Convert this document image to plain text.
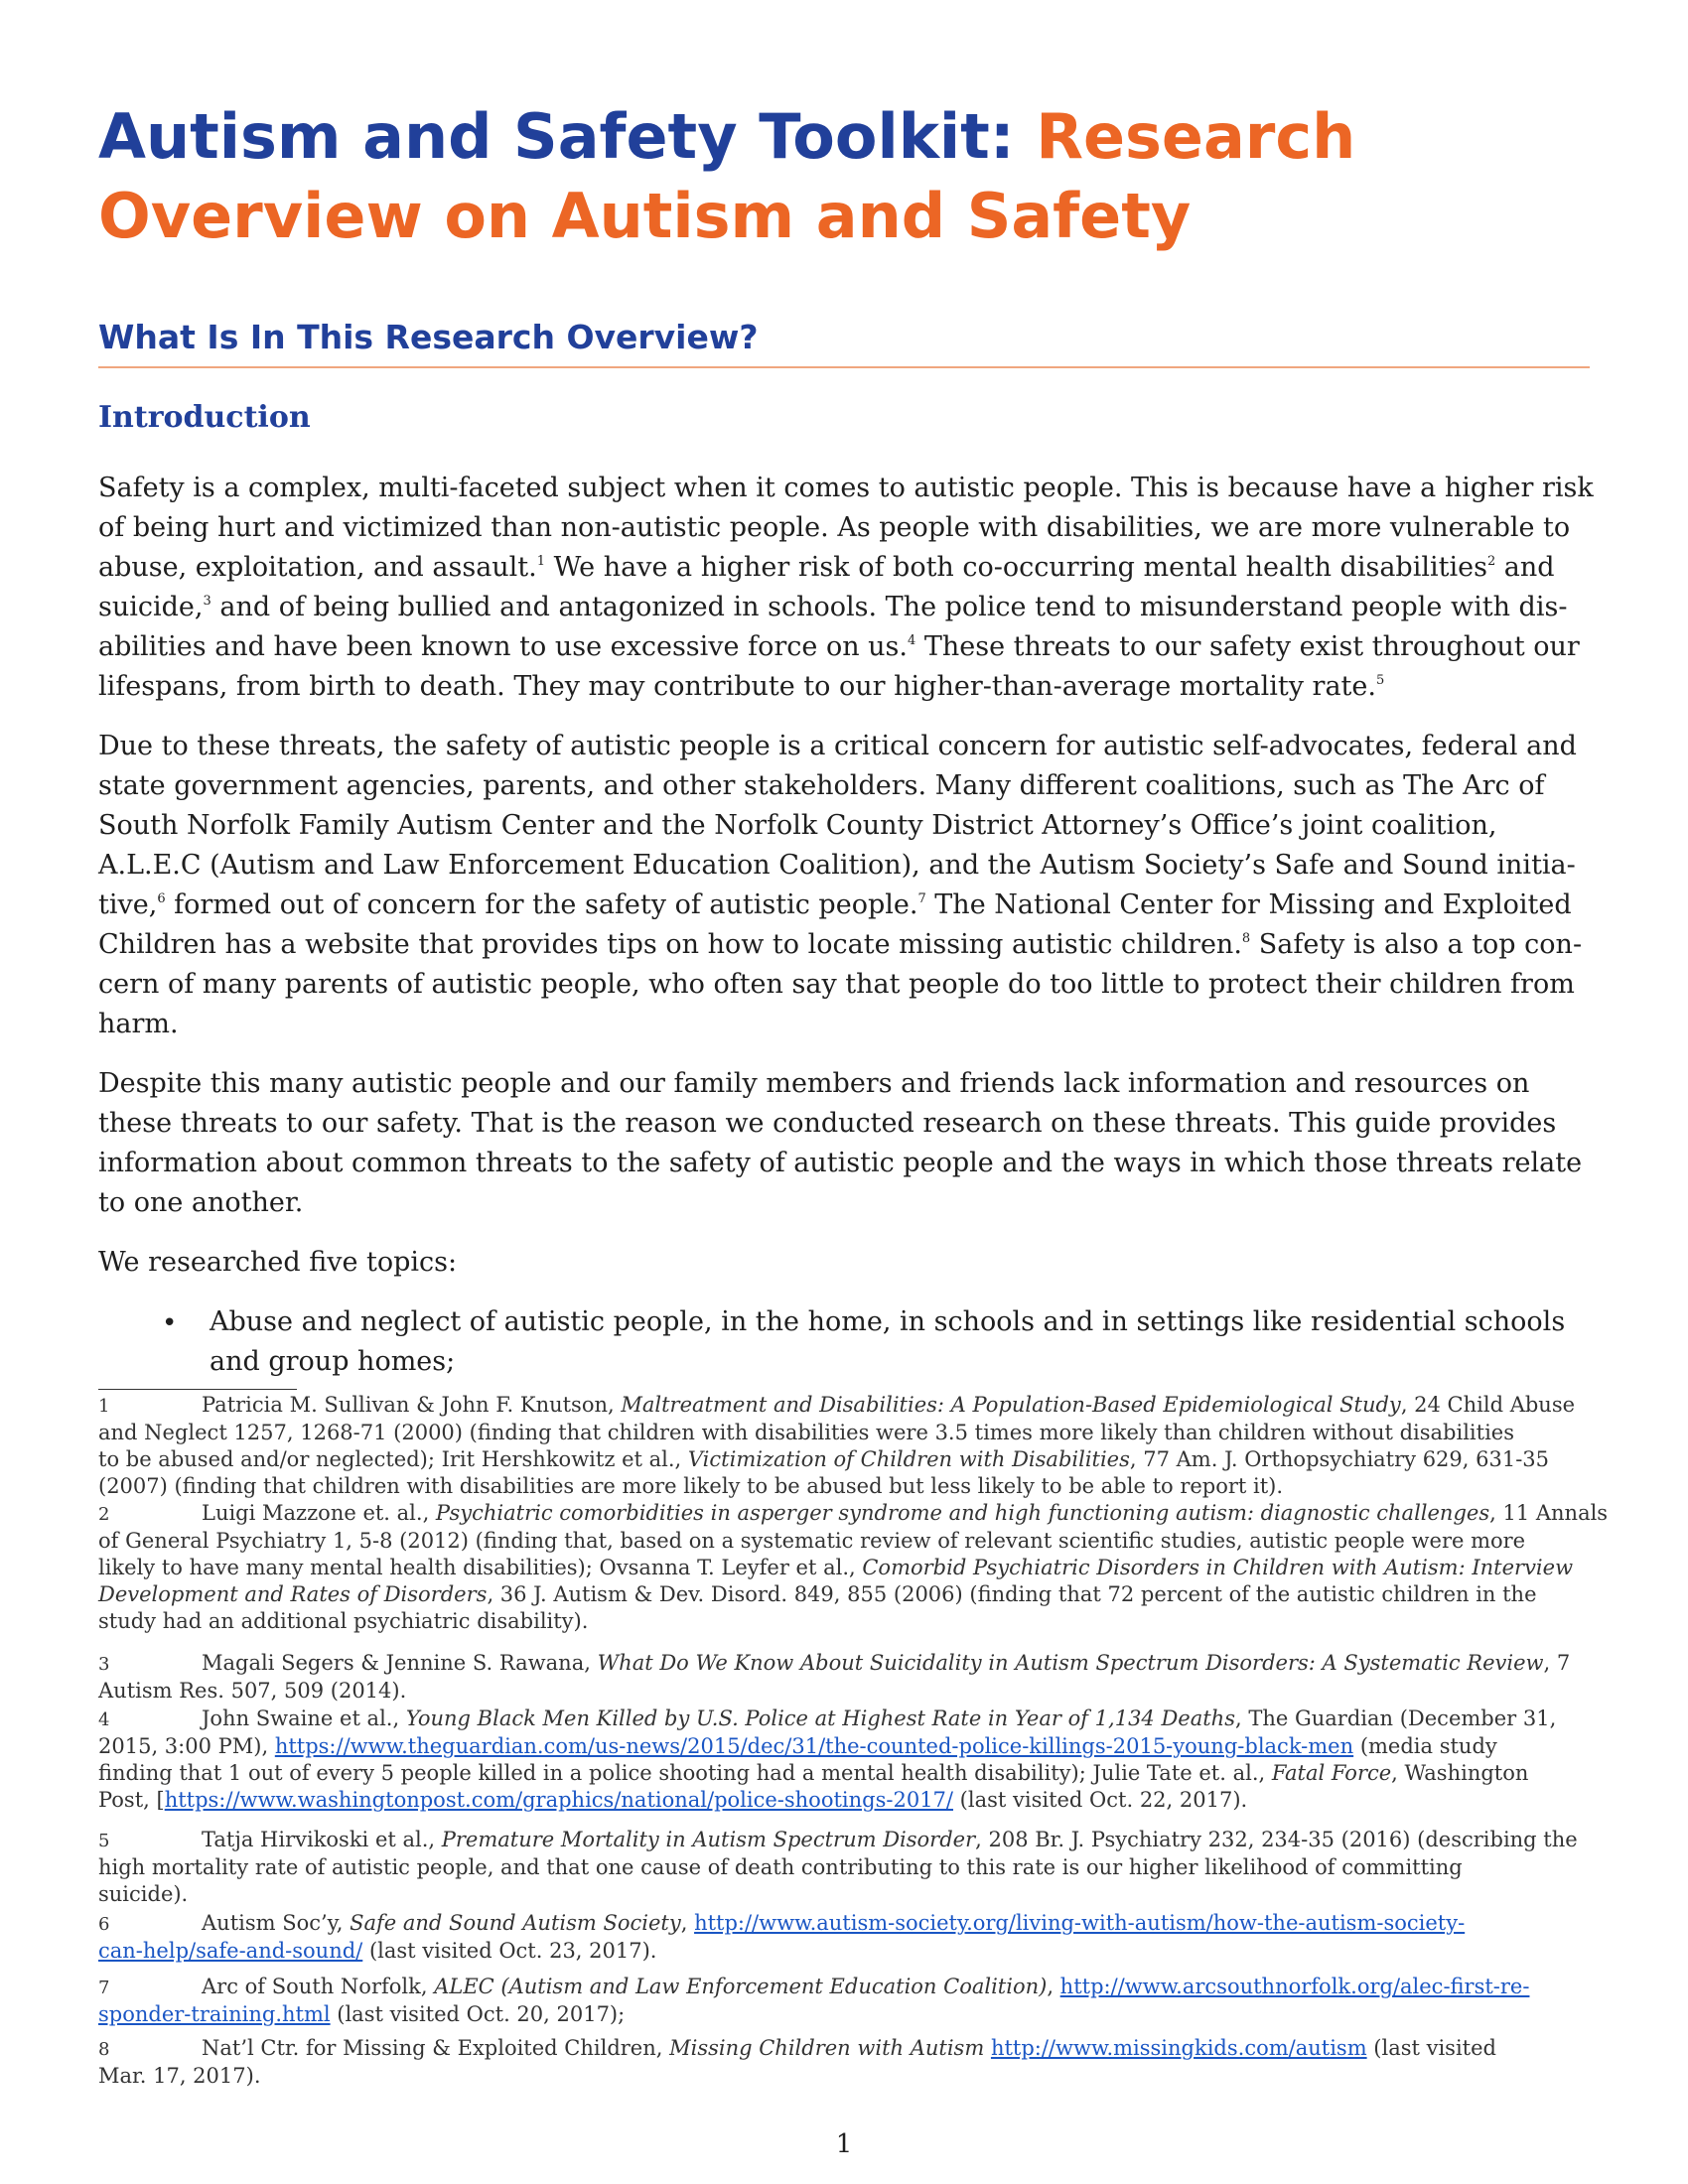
Autism and Safety Toolkit: Research
Overview on Autism and Safety
What Is In This Research Overview?
Introduction

Safety is a complex, multi-faceted subject when it comes to autistic people. This is because have a higher risk
of being hurt and victimized than non-autistic people. As people with disabilities, we are more vulnerable to
abuse, exploitation, and assault.$^1$ We have a higher risk of both co-occurring mental health disabilities$^2$ and
suicide,$^3$ and of being bullied and antagonized in schools. The police tend to misunderstand people with dis-
abilities and have been known to use excessive force on us.$^4$ These threats to our safety exist throughout our
lifespans, from birth to death. They may contribute to our higher-than-average mortality rate.$^5$

Due to these threats, the safety of autistic people is a critical concern for autistic self-advocates, federal and
state government agencies, parents, and other stakeholders. Many different coalitions, such as The Arc of
South Norfolk Family Autism Center and the Norfolk County District Attorney’s Office’s joint coalition,
A.L.E.C (Autism and Law Enforcement Education Coalition), and the Autism Society’s Safe and Sound initia-
tive,$^6$ formed out of concern for the safety of autistic people.$^7$ The National Center for Missing and Exploited
Children has a website that provides tips on how to locate missing autistic children.$^8$ Safety is also a top con-
cern of many parents of autistic people, who often say that people do too little to protect their children from
harm.

Despite this many autistic people and our family members and friends lack information and resources on
these threats to our safety. That is the reason we conducted research on these threats. This guide provides
information about common threats to the safety of autistic people and the ways in which those threats relate
to one another.

We researched five topics:

• Abuse and neglect of autistic people, in the home, in schools and in settings like residential schools
and group homes;

1	Patricia M. Sullivan & John F. Knutson, Maltreatment and Disabilities: A Population-Based Epidemiological Study, 24 Child Abuse
and Neglect 1257, 1268-71 (2000) (finding that children with disabilities were 3.5 times more likely than children without disabilities
to be abused and/or neglected); Irit Hershkowitz et al., Victimization of Children with Disabilities, 77 Am. J. Orthopsychiatry 629, 631-35
(2007) (finding that children with disabilities are more likely to be abused but less likely to be able to report it).

2	Luigi Mazzone et. al., Psychiatric comorbidities in asperger syndrome and high functioning autism: diagnostic challenges, 11 Annals
of General Psychiatry 1, 5-8 (2012) (finding that, based on a systematic review of relevant scientific studies, autistic people were more
likely to have many mental health disabilities); Ovsanna T. Leyfer et al., Comorbid Psychiatric Disorders in Children with Autism: Interview
Development and Rates of Disorders, 36 J. Autism & Dev. Disord. 849, 855 (2006) (finding that 72 percent of the autistic children in the
study had an additional psychiatric disability).

3	Magali Segers & Jennine S. Rawana, What Do We Know About Suicidality in Autism Spectrum Disorders: A Systematic Review, 7
Autism Res. 507, 509 (2014).

4	John Swaine et al., Young Black Men Killed by U.S. Police at Highest Rate in Year of 1,134 Deaths, The Guardian (December 31,
2015, 3:00 PM), https://www.theguardian.com/us-news/2015/dec/31/the-counted-police-killings-2015-young-black-men (media study
finding that 1 out of every 5 people killed in a police shooting had a mental health disability); Julie Tate et. al., Fatal Force, Washington
Post, [https://www.washingtonpost.com/graphics/national/police-shootings-2017/ (last visited Oct. 22, 2017).

5	Tatja Hirvikoski et al., Premature Mortality in Autism Spectrum Disorder, 208 Br. J. Psychiatry 232, 234-35 (2016) (describing the
high mortality rate of autistic people, and that one cause of death contributing to this rate is our higher likelihood of committing
suicide).

6	Autism Soc’y, Safe and Sound Autism Society, http://www.autism-society.org/living-with-autism/how-the-autism-society-
can-help/safe-and-sound/ (last visited Oct. 23, 2017).

7	Arc of South Norfolk, ALEC (Autism and Law Enforcement Education Coalition), http://www.arcsouthnorfolk.org/alec-first-re-
sponder-training.html (last visited Oct. 20, 2017);

8	Nat’l Ctr. for Missing & Exploited Children, Missing Children with Autism http://www.missingkids.com/autism (last visited
Mar. 17, 2017).

1
